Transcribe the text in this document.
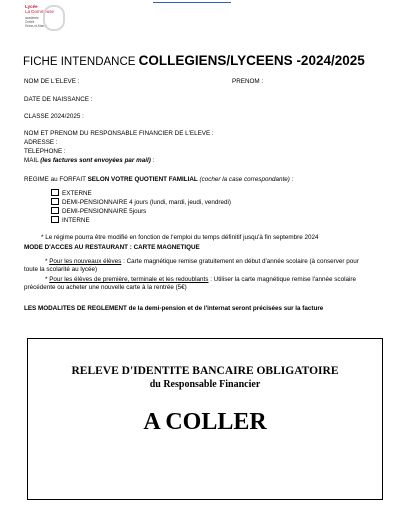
Lycée
La Domineuse
académie
Créteil
Seine-et-Marne
FICHE INTENDANCE COLLEGIENS/LYCEENS -2024/2025
NOM DE L'ELEVE :	PRENOM :
DATE DE NAISSANCE :
CLASSE 2024/2025 :
NOM ET PRENOM DU RESPONSABLE FINANCIER DE L'ELEVE :
ADRESSE :
TELEPHONE :
MAIL (les factures sont envoyées par mail) :
REGIME au FORFAIT SELON VOTRE QUOTIENT FAMILIAL (cocher la case correspondante) :
EXTERNE
DEMI-PENSIONNAIRE 4 jours (lundi, mardi, jeudi, vendredi)
DEMI-PENSIONNAIRE 5jours
INTERNE
* Le régime pourra être modifié en fonction de l'emploi du temps définitif jusqu'à fin septembre 2024
MODE D'ACCES AU RESTAURANT : CARTE MAGNETIQUE
* Pour les nouveaux élèves : Carte magnétique remise gratuitement en début d'année scolaire (à conserver pour toute la scolarité au lycée)
* Pour les élèves de première, terminale et les redoublants : Utiliser la carte magnétique remise l'année scolaire précédente ou acheter une nouvelle carte à la rentrée (5€)
LES MODALITES DE REGLEMENT de la demi-pension et de l'internat seront précisées sur la facture
RELEVE D'IDENTITE BANCAIRE OBLIGATOIRE
du Responsable Financier
A COLLER
